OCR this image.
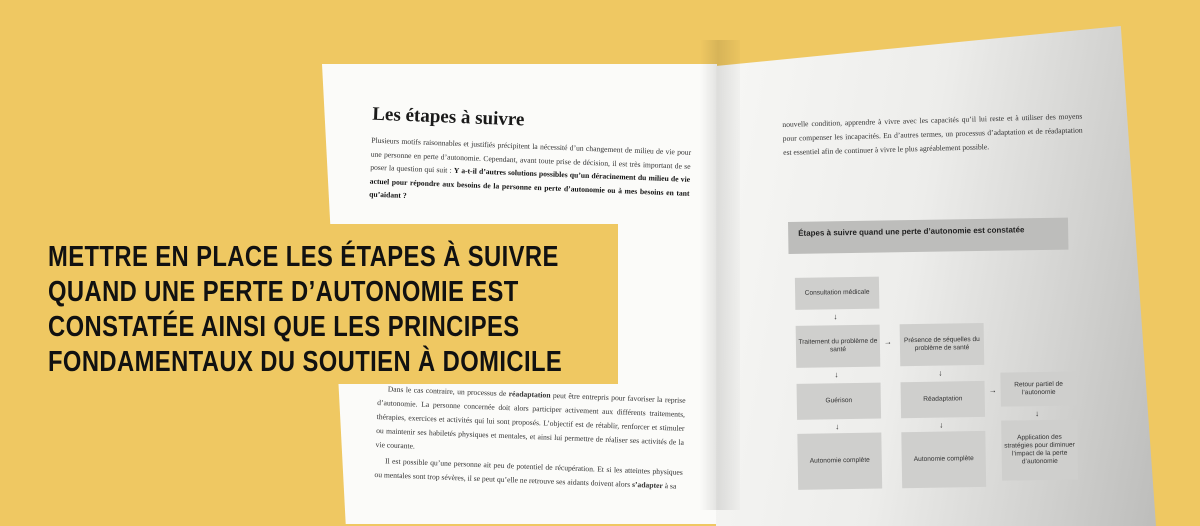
Les étapes à suivre

Plusieurs motifs raisonnables et justifiés précipitent la nécessité d’un changement de milieu de vie pour une personne en perte d’autonomie. Cependant, avant toute prise de décision, il est très important de se poser la question qui suit : Y a-t-il d’autres solutions possibles qu’un déracinement du milieu de vie actuel pour répondre aux besoins de la personne en perte d’autonomie ou à mes besoins en tant qu’aidant ?

Dans le cas contraire, un processus de réadaptation peut être entrepris pour favoriser la reprise d’autonomie. La personne concernée doit alors participer activement aux différents traitements, thérapies, exercices et activités qui lui sont proposés. L’objectif est de rétablir, renforcer et stimuler ou maintenir ses habiletés physiques et mentales, et ainsi lui permettre de réaliser ses activités de la vie courante.

Il est possible qu’une personne ait peu de potentiel de récupération. Et si les atteintes physiques ou mentales sont trop sévères, il se peut qu’elle ne retrouve ses aidants doivent alors s’adapter à sa

nouvelle condition, apprendre à vivre avec les capacités qu’il lui reste et à utiliser des moyens pour compenser les incapacités. En d’autres termes, un processus d’adaptation et de réadaptation est essentiel afin de continuer à vivre le plus agréablement possible.
Étapes à suivre quand une perte d’autonomie est constatée
Consultation médicale
↓
Traitement du problème de santé
→	Présence de séquelles du problème de santé
↓	↓
Guérison	Réadaptation
→
Retour partiel de l’autonomie
↓	↓
↓
Autonomie complète	Autonomie complète
Application des stratégies pour diminuer l’impact de la perte d’autonomie
METTRE EN PLACE LES ÉTAPES À SUIVRE
QUAND UNE PERTE D’AUTONOMIE EST
CONSTATÉE AINSI QUE LES PRINCIPES
FONDAMENTAUX DU SOUTIEN À DOMICILE
